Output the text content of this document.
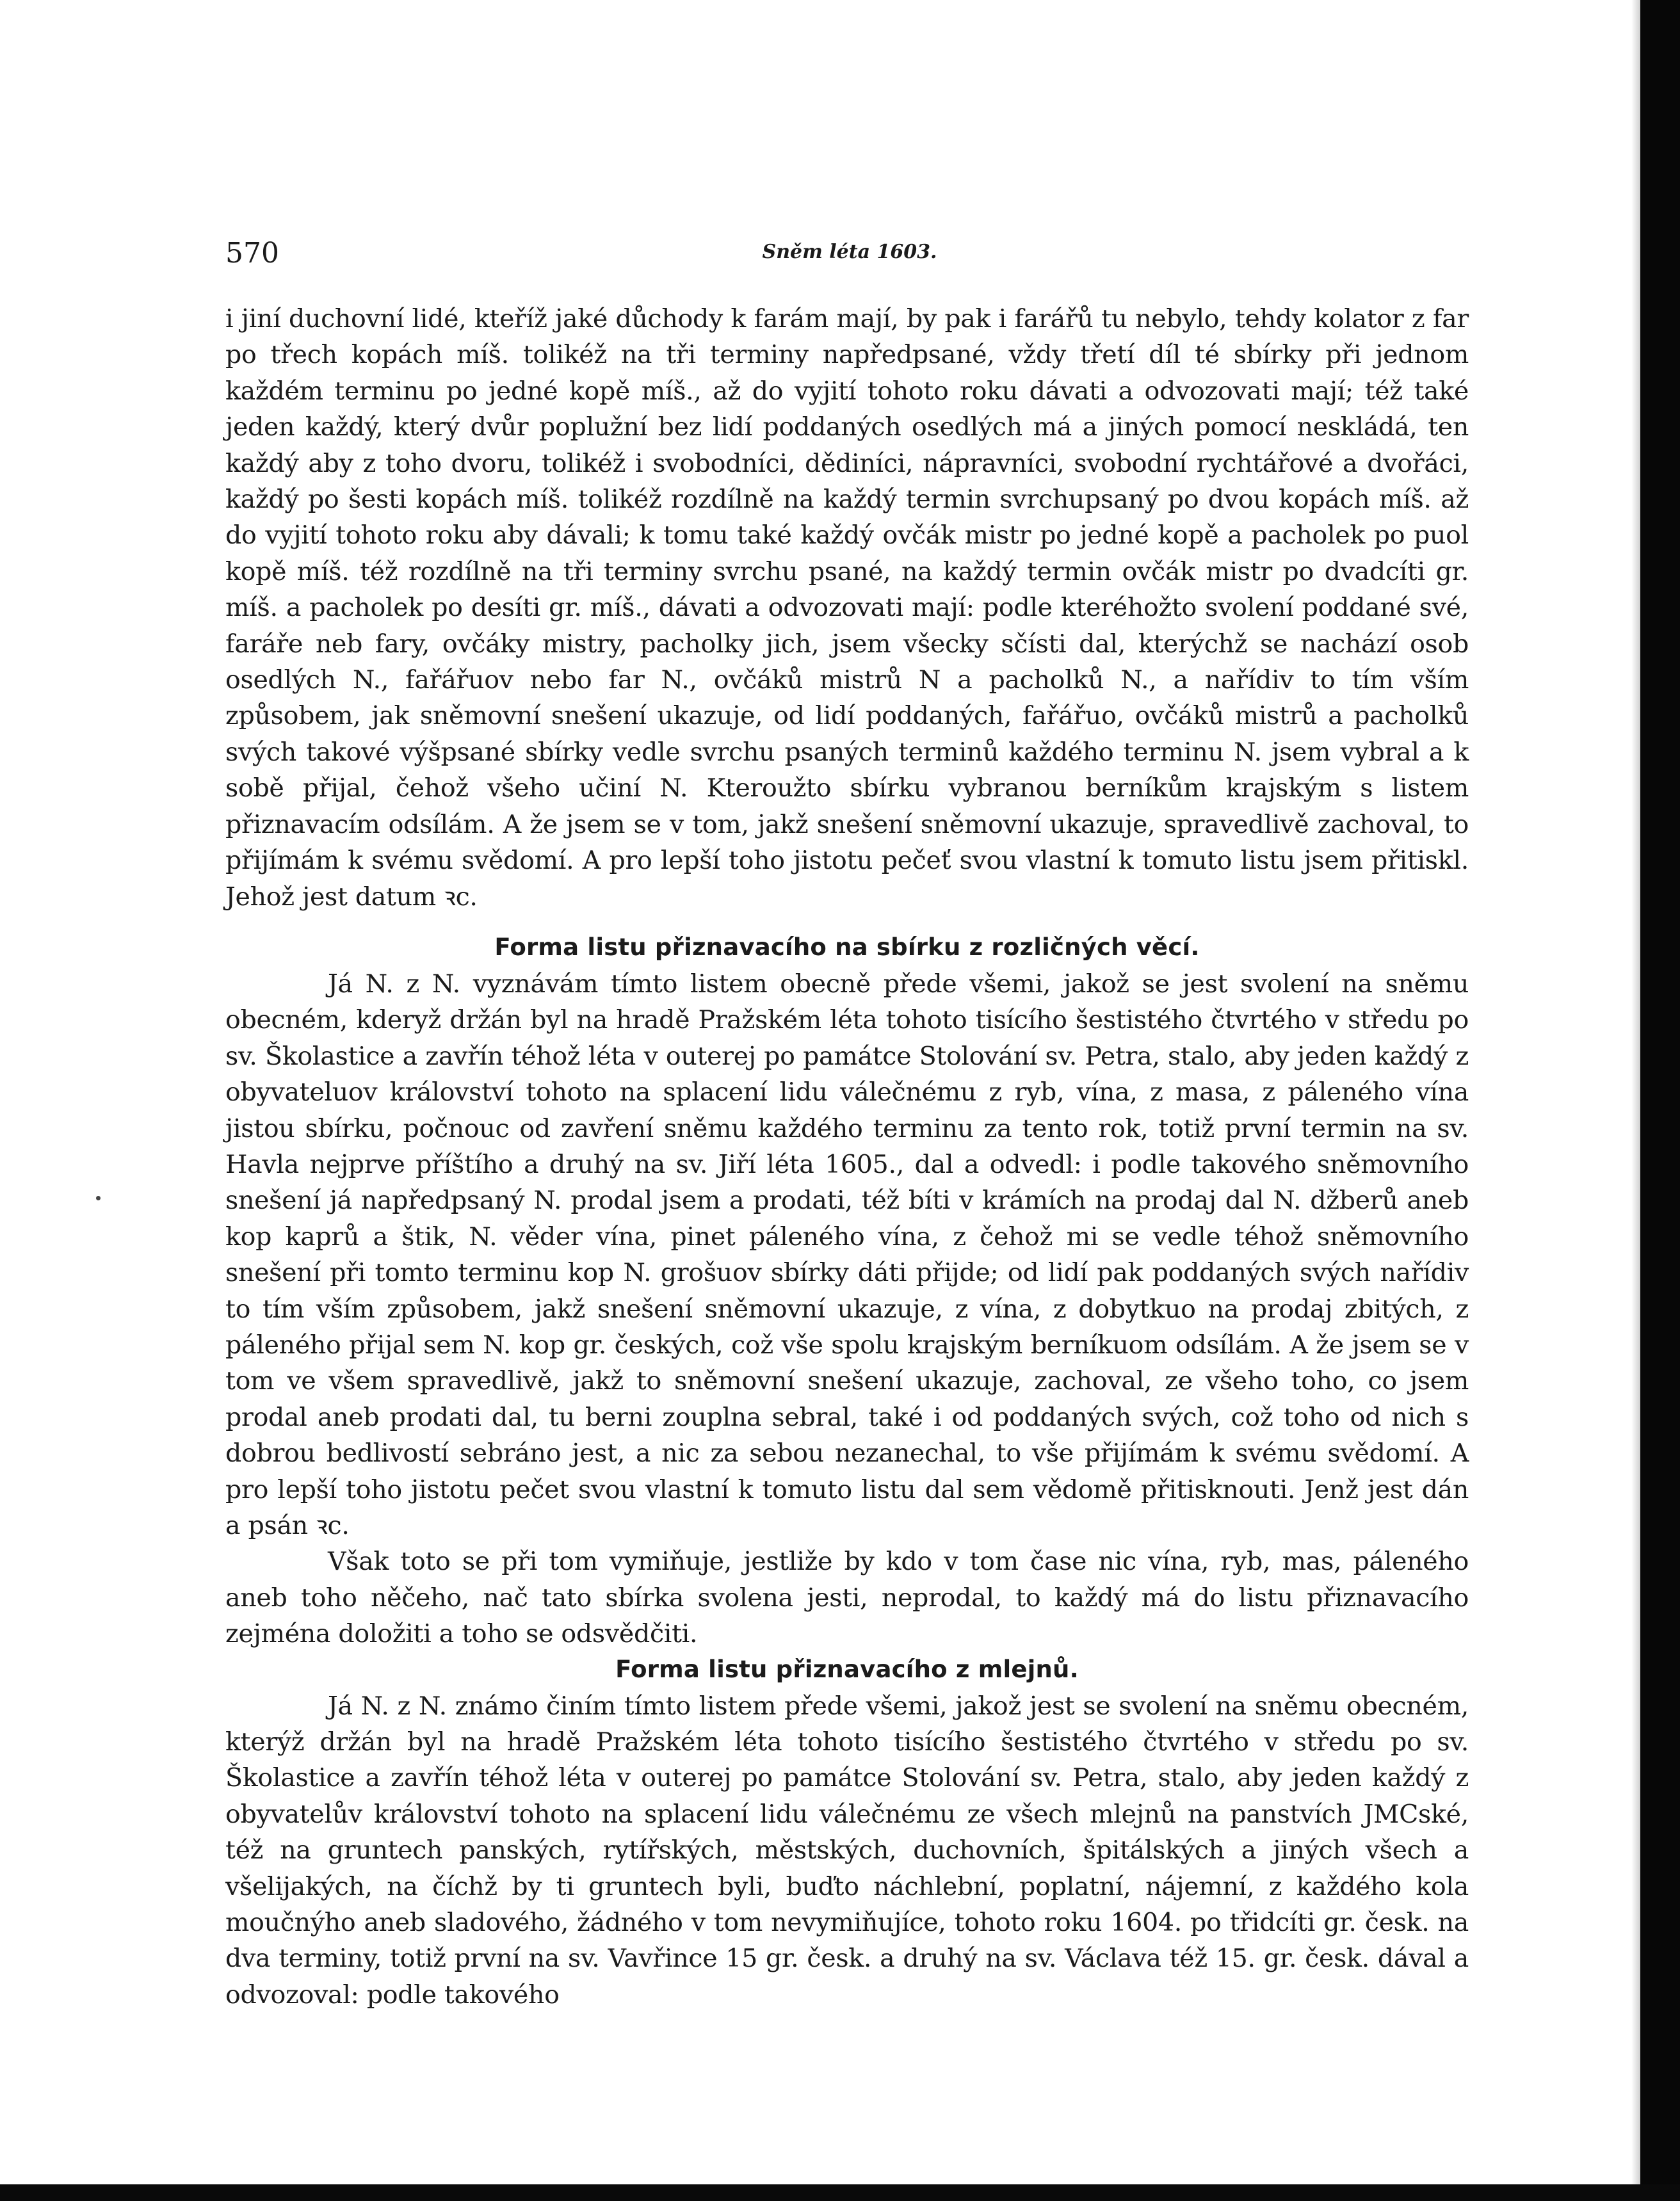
570	Sněm léta 1603.

i jiní duchovní lidé, kteříž jaké důchody k farám mají, by pak i farářů tu nebylo, tehdy kolator z far po třech kopách míš. tolikéž na tři terminy napředpsané, vždy třetí díl té sbírky při jednom každém terminu po jedné kopě míš., až do vyjití tohoto roku dávati a odvozovati mají; též také jeden každý, který dvůr poplužní bez lidí poddaných osedlých má a jiných pomocí neskládá, ten každý aby z toho dvoru, tolikéž i svobodníci, dědiníci, nápravníci, svobodní rychtářové a dvořáci, každý po šesti kopách míš. tolikéž rozdílně na každý termin svrchupsaný po dvou kopách míš. až do vyjití tohoto roku aby dávali; k tomu také každý ovčák mistr po jedné kopě a pacholek po puol kopě míš. též rozdílně na tři terminy svrchu psané, na každý termin ovčák mistr po dvadcíti gr. míš. a pacholek po desíti gr. míš., dávati a odvozovati mají: podle kteréhožto svolení poddané své, faráře neb fary, ovčáky mistry, pacholky jich, jsem všecky sčísti dal, kterýchž se nachází osob osedlých N., fařářuov nebo far N., ovčáků mistrů N a pacholků N., a nařídiv to tím vším způsobem, jak sněmovní snešení ukazuje, od lidí poddaných, fařářuo, ovčáků mistrů a pacholků svých takové výšpsané sbírky vedle svrchu psaných terminů každého terminu N. jsem vybral a k sobě přijal, čehož všeho učiní N. Kteroužto sbírku vybranou berníkům krajským s listem přiznavacím odsílám. A že jsem se v tom, jakž snešení sněmovní ukazuje, spravedlivě zachoval, to přijímám k svému svědomí. A pro lepší toho jistotu pečeť svou vlastní k tomuto listu jsem přitiskl. Jehož jest datum ꝛc.

Forma listu přiznavacího na sbírku z rozličných věcí.

Já N. z N. vyznávám tímto listem obecně přede všemi, jakož se jest svolení na sněmu obecném, kderyž držán byl na hradě Pražském léta tohoto tisícího šestistého čtvrtého v středu po sv. Školastice a zavřín téhož léta v outerej po památce Stolování sv. Petra, stalo, aby jeden každý z obyvateluov království tohoto na splacení lidu válečnému z ryb, vína, z masa, z páleného vína jistou sbírku, počnouc od zavření sněmu každého terminu za tento rok, totiž první termin na sv. Havla nejprve příštího a druhý na sv. Jiří léta 1605., dal a odvedl: i podle takového sněmovního snešení já napředpsaný N. prodal jsem a prodati, též bíti v krámích na prodaj dal N. džberů aneb kop kaprů a štik, N. věder vína, pinet páleného vína, z čehož mi se vedle téhož sněmovního snešení při tomto terminu kop N. grošuov sbírky dáti přijde; od lidí pak poddaných svých nařídiv to tím vším způsobem, jakž snešení sněmovní ukazuje, z vína, z dobytkuo na prodaj zbitých, z páleného přijal sem N. kop gr. českých, což vše spolu krajským berníkuom odsílám. A že jsem se v tom ve všem spravedlivě, jakž to sněmovní snešení ukazuje, zachoval, ze všeho toho, co jsem prodal aneb prodati dal, tu berni zouplna sebral, také i od poddaných svých, což toho od nich s dobrou bedlivostí sebráno jest, a nic za sebou nezanechal, to vše přijímám k svému svědomí. A pro lepší toho jistotu pečet svou vlastní k tomuto listu dal sem vědomě přitisknouti. Jenž jest dán a psán ꝛc.

Však toto se při tom vymiňuje, jestliže by kdo v tom čase nic vína, ryb, mas, páleného aneb toho něčeho, nač tato sbírka svolena jesti, neprodal, to každý má do listu přiznavacího zejména doložiti a toho se odsvědčiti.

Forma listu přiznavacího z mlejnů.

Já N. z N. známo činím tímto listem přede všemi, jakož jest se svolení na sněmu obecném, kterýž držán byl na hradě Pražském léta tohoto tisícího šestistého čtvrtého v středu po sv. Školastice a zavřín téhož léta v outerej po památce Stolování sv. Petra, stalo, aby jeden každý z obyvatelův království tohoto na splacení lidu válečnému ze všech mlejnů na panstvích JMCské, též na gruntech panských, rytířských, městských, duchovních, špitálských a jiných všech a všelijakých, na číchž by ti gruntech byli, buďto náchlební, poplatní, nájemní, z každého kola moučnýho aneb sladového, žádného v tom nevymiňujíce, tohoto roku 1604. po třidcíti gr. česk. na dva terminy, totiž první na sv. Vavřince 15 gr. česk. a druhý na sv. Václava též 15. gr. česk. dával a odvozoval: podle takového
